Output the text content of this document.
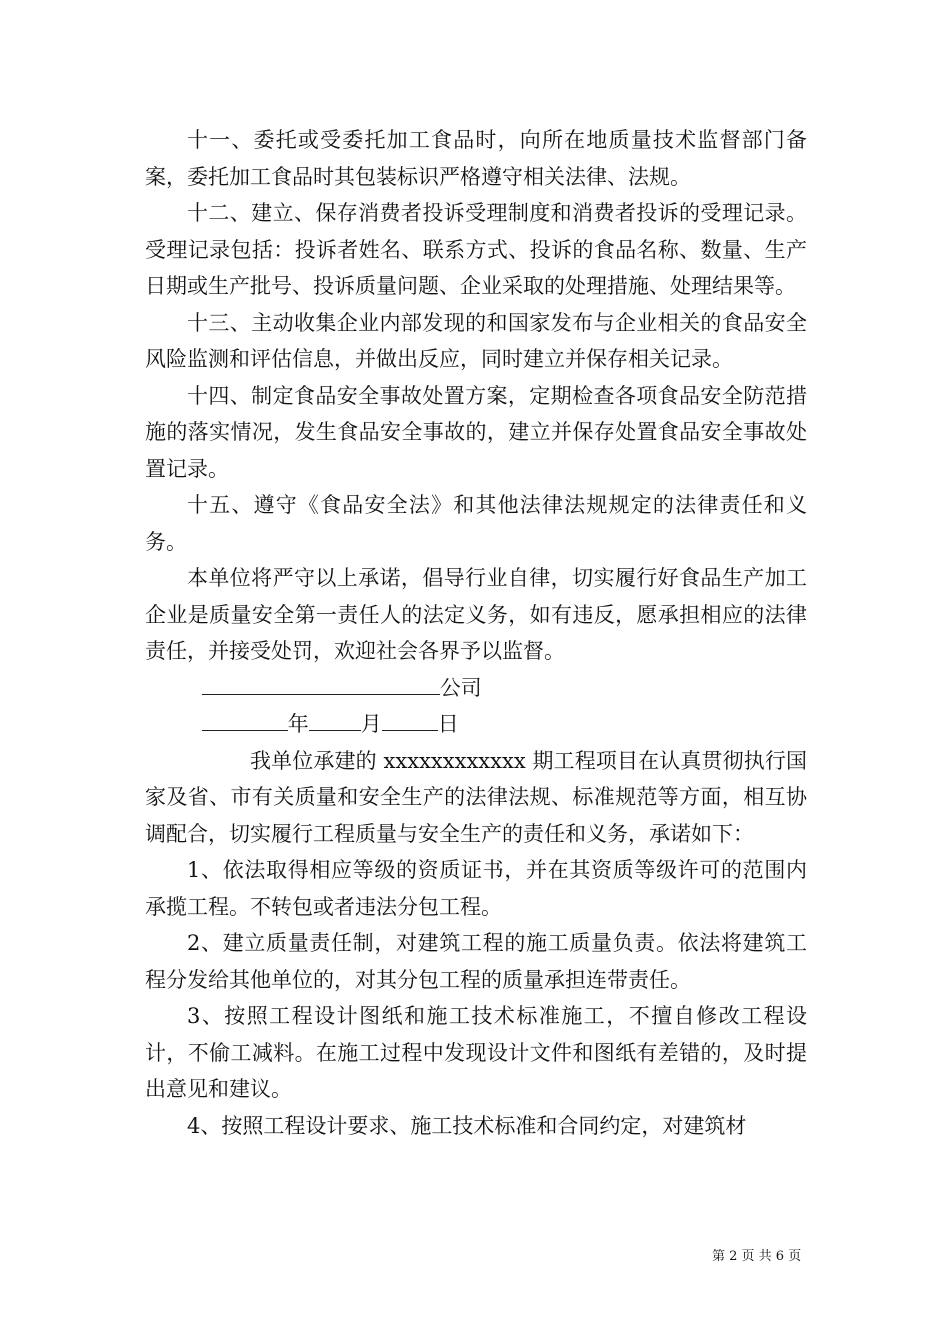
十一、委托或受委托加工食品时，向所在地质量技术监督部门备案，委托加工食品时其包装标识严格遵守相关法律、法规。

十二、建立、保存消费者投诉受理制度和消费者投诉的受理记录。受理记录包括：投诉者姓名、联系方式、投诉的食品名称、数量、生产日期或生产批号、投诉质量问题、企业采取的处理措施、处理结果等。

十三、主动收集企业内部发现的和国家发布与企业相关的食品安全风险监测和评估信息，并做出反应，同时建立并保存相关记录。

十四、制定食品安全事故处置方案，定期检查各项食品安全防范措施的落实情况，发生食品安全事故的，建立并保存处置食品安全事故处置记录。

十五、遵守《食品安全法》和其他法律法规规定的法律责任和义务。

本单位将严守以上承诺，倡导行业自律，切实履行好食品生产加工企业是质量安全第一责任人的法定义务，如有违反，愿承担相应的法律责任，并接受处罚，欢迎社会各界予以监督。

公司

年 月	日

我单位承建的 xxxxxxxxxxxx 期工程项目在认真贯彻执行国家及省、市有关质量和安全生产的法律法规、标准规范等方面，相互协调配合，切实履行工程质量与安全生产的责任和义务，承诺如下：

1、依法取得相应等级的资质证书，并在其资质等级许可的范围内承揽工程。不转包或者违法分包工程。

2、建立质量责任制，对建筑工程的施工质量负责。依法将建筑工程分发给其他单位的，对其分包工程的质量承担连带责任。

3、按照工程设计图纸和施工技术标准施工，不擅自修改工程设计，不偷工减料。在施工过程中发现设计文件和图纸有差错的，及时提出意见和建议。

4、按照工程设计要求、施工技术标准和合同约定，对建筑材

第 2 页 共 6 页
